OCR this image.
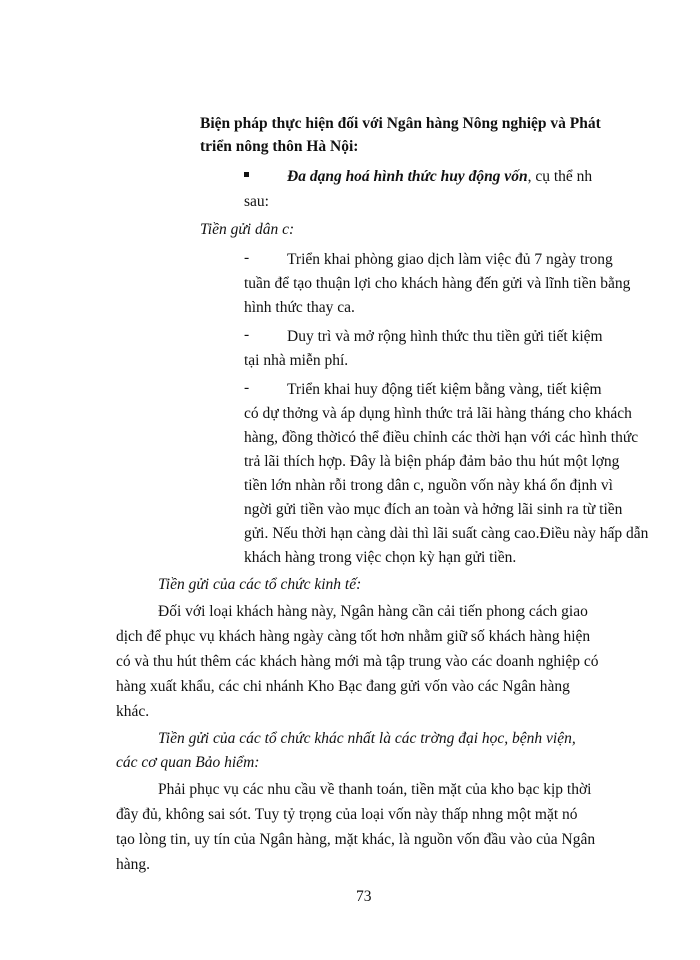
Biện pháp thực hiện đối với Ngân hàng Nông nghiệp và Phát
triển nông thôn Hà Nội:
Đa dạng hoá hình thức huy động vốn, cụ thể nh
sau:
Tiền gửi dân c:
- Triển khai phòng giao dịch làm việc đủ 7 ngày trong
tuần để tạo thuận lợi cho khách hàng đến gửi và lĩnh tiền bằng
hình thức thay ca.
- Duy trì và mở rộng hình thức thu tiền gửi tiết kiệm
tại nhà miễn phí.
- Triển khai huy động tiết kiệm bằng vàng, tiết kiệm
có dự thởng và áp dụng hình thức trả lãi hàng tháng cho khách
hàng, đồng thờicó thể điều chỉnh các thời hạn với các hình thức
trả lãi thích hợp. Đây là biện pháp đảm bảo thu hút một lợng
tiền lớn nhàn rỗi trong dân c, nguồn vốn này khá ổn định vì
ngời gửi tiền vào mục đích an toàn và hởng lãi sinh ra từ tiền
gửi. Nếu thời hạn càng dài thì lãi suất càng cao.Điều này hấp dẫn
khách hàng trong việc chọn kỳ hạn gửi tiền.
Tiền gửi của các tổ chức kinh tế:
Đối với loại khách hàng này, Ngân hàng cần cải tiến phong cách giao
dịch để phục vụ khách hàng ngày càng tốt hơn nhằm giữ số khách hàng hiện
có và thu hút thêm các khách hàng mới mà tập trung vào các doanh nghiệp có
hàng xuất khẩu, các chi nhánh Kho Bạc đang gửi vốn vào các Ngân hàng
khác.
Tiền gửi của các tổ chức khác nhất là các trờng đại học, bệnh viện,
các cơ quan Bảo hiểm:
Phải phục vụ các nhu cầu về thanh toán, tiền mặt của kho bạc kịp thời
đầy đủ, không sai sót. Tuy tỷ trọng của loại vốn này thấp nhng một mặt nó
tạo lòng tin, uy tín của Ngân hàng, mặt khác, là nguồn vốn đầu vào của Ngân
hàng.
73
